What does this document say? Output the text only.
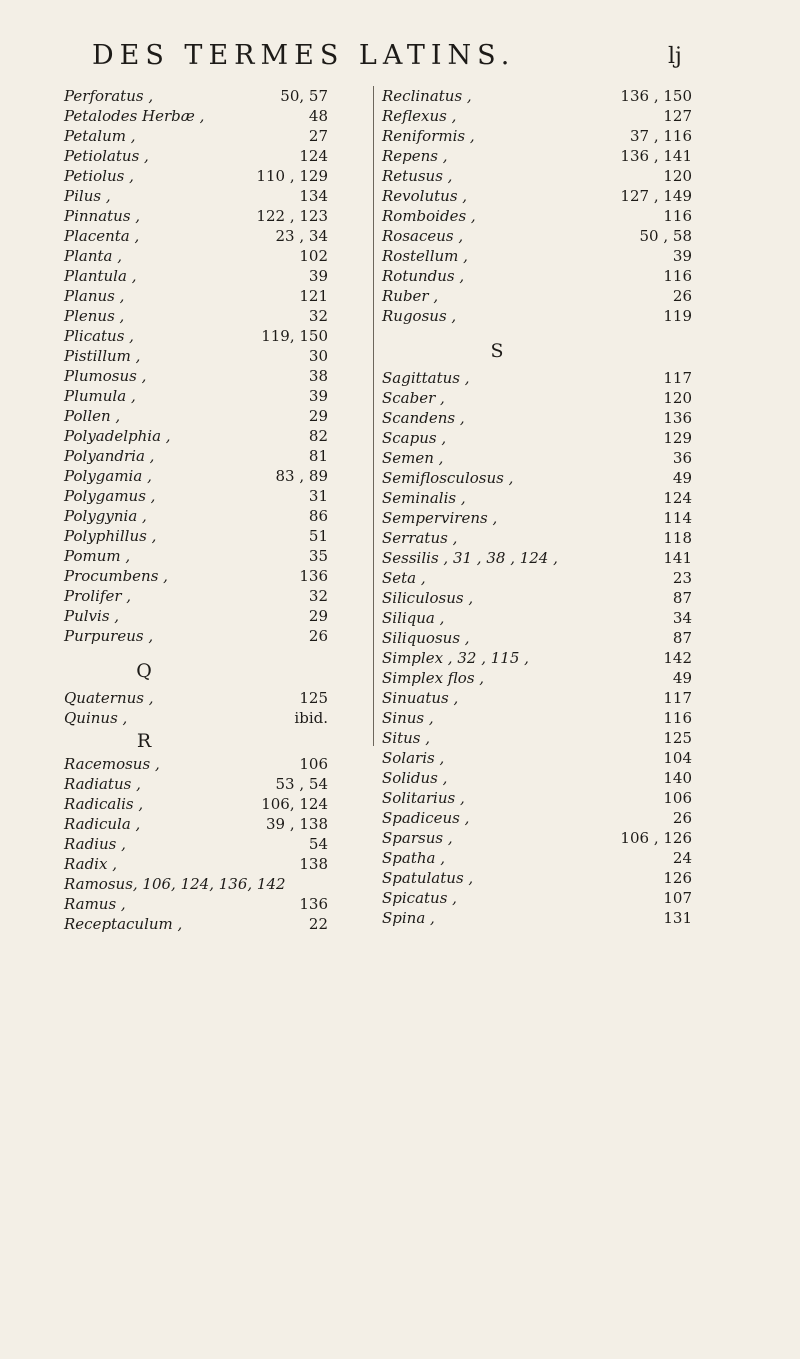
DES TERMES LATINS.	lj
Perforatus ,	50, 57
Petalodes Herbæ ,	48
Petalum ,	27
Petiolatus ,	124
Petiolus ,	110 , 129
Pilus ,	134
Pinnatus ,	122 , 123
Placenta ,	23 , 34
Planta ,	102
Plantula ,	39
Planus ,	121
Plenus ,	32
Plicatus ,	119, 150
Pistillum ,	30
Plumosus ,	38
Plumula ,	39
Pollen ,	29
Polyadelphia ,	82
Polyandria ,	81
Polygamia ,	83 , 89
Polygamus ,	31
Polygynia ,	86
Polyphillus ,	51
Pomum ,	35
Procumbens ,	136
Prolifer ,	32
Pulvis ,	29
Purpureus ,	26
Q
Quaternus ,	125
Quinus ,	ibid.
R
Racemosus ,	106
Radiatus ,	53 , 54
Radicalis ,	106, 124
Radicula ,	39 , 138
Radius ,	54
Radix ,	138
Ramosus, 106, 124, 136, 142
Ramus ,	136
Receptaculum ,	22
Reclinatus ,	136 , 150
Reflexus ,	127
Reniformis ,	37 , 116
Repens ,	136 , 141
Retusus ,	120
Revolutus ,	127 , 149
Romboides ,	116
Rosaceus ,	50 , 58
Rostellum ,	39
Rotundus ,	116
Ruber ,	26
Rugosus ,	119
S
Sagittatus ,	117
Scaber ,	120
Scandens ,	136
Scapus ,	129
Semen ,	36
Semiflosculosus ,	49
Seminalis ,	124
Sempervirens ,	114
Serratus ,	118
Sessilis , 31 , 38 , 124 ,	141
Seta ,	23
Siliculosus ,	87
Siliqua ,	34
Siliquosus ,	87
Simplex , 32 , 115 ,	142
Simplex flos ,	49
Sinuatus ,	117
Sinus ,	116
Situs ,	125
Solaris ,	104
Solidus ,	140
Solitarius ,	106
Spadiceus ,	26
Sparsus ,	106 , 126
Spatha ,	24
Spatulatus ,	126
Spicatus ,	107
Spina ,	131
